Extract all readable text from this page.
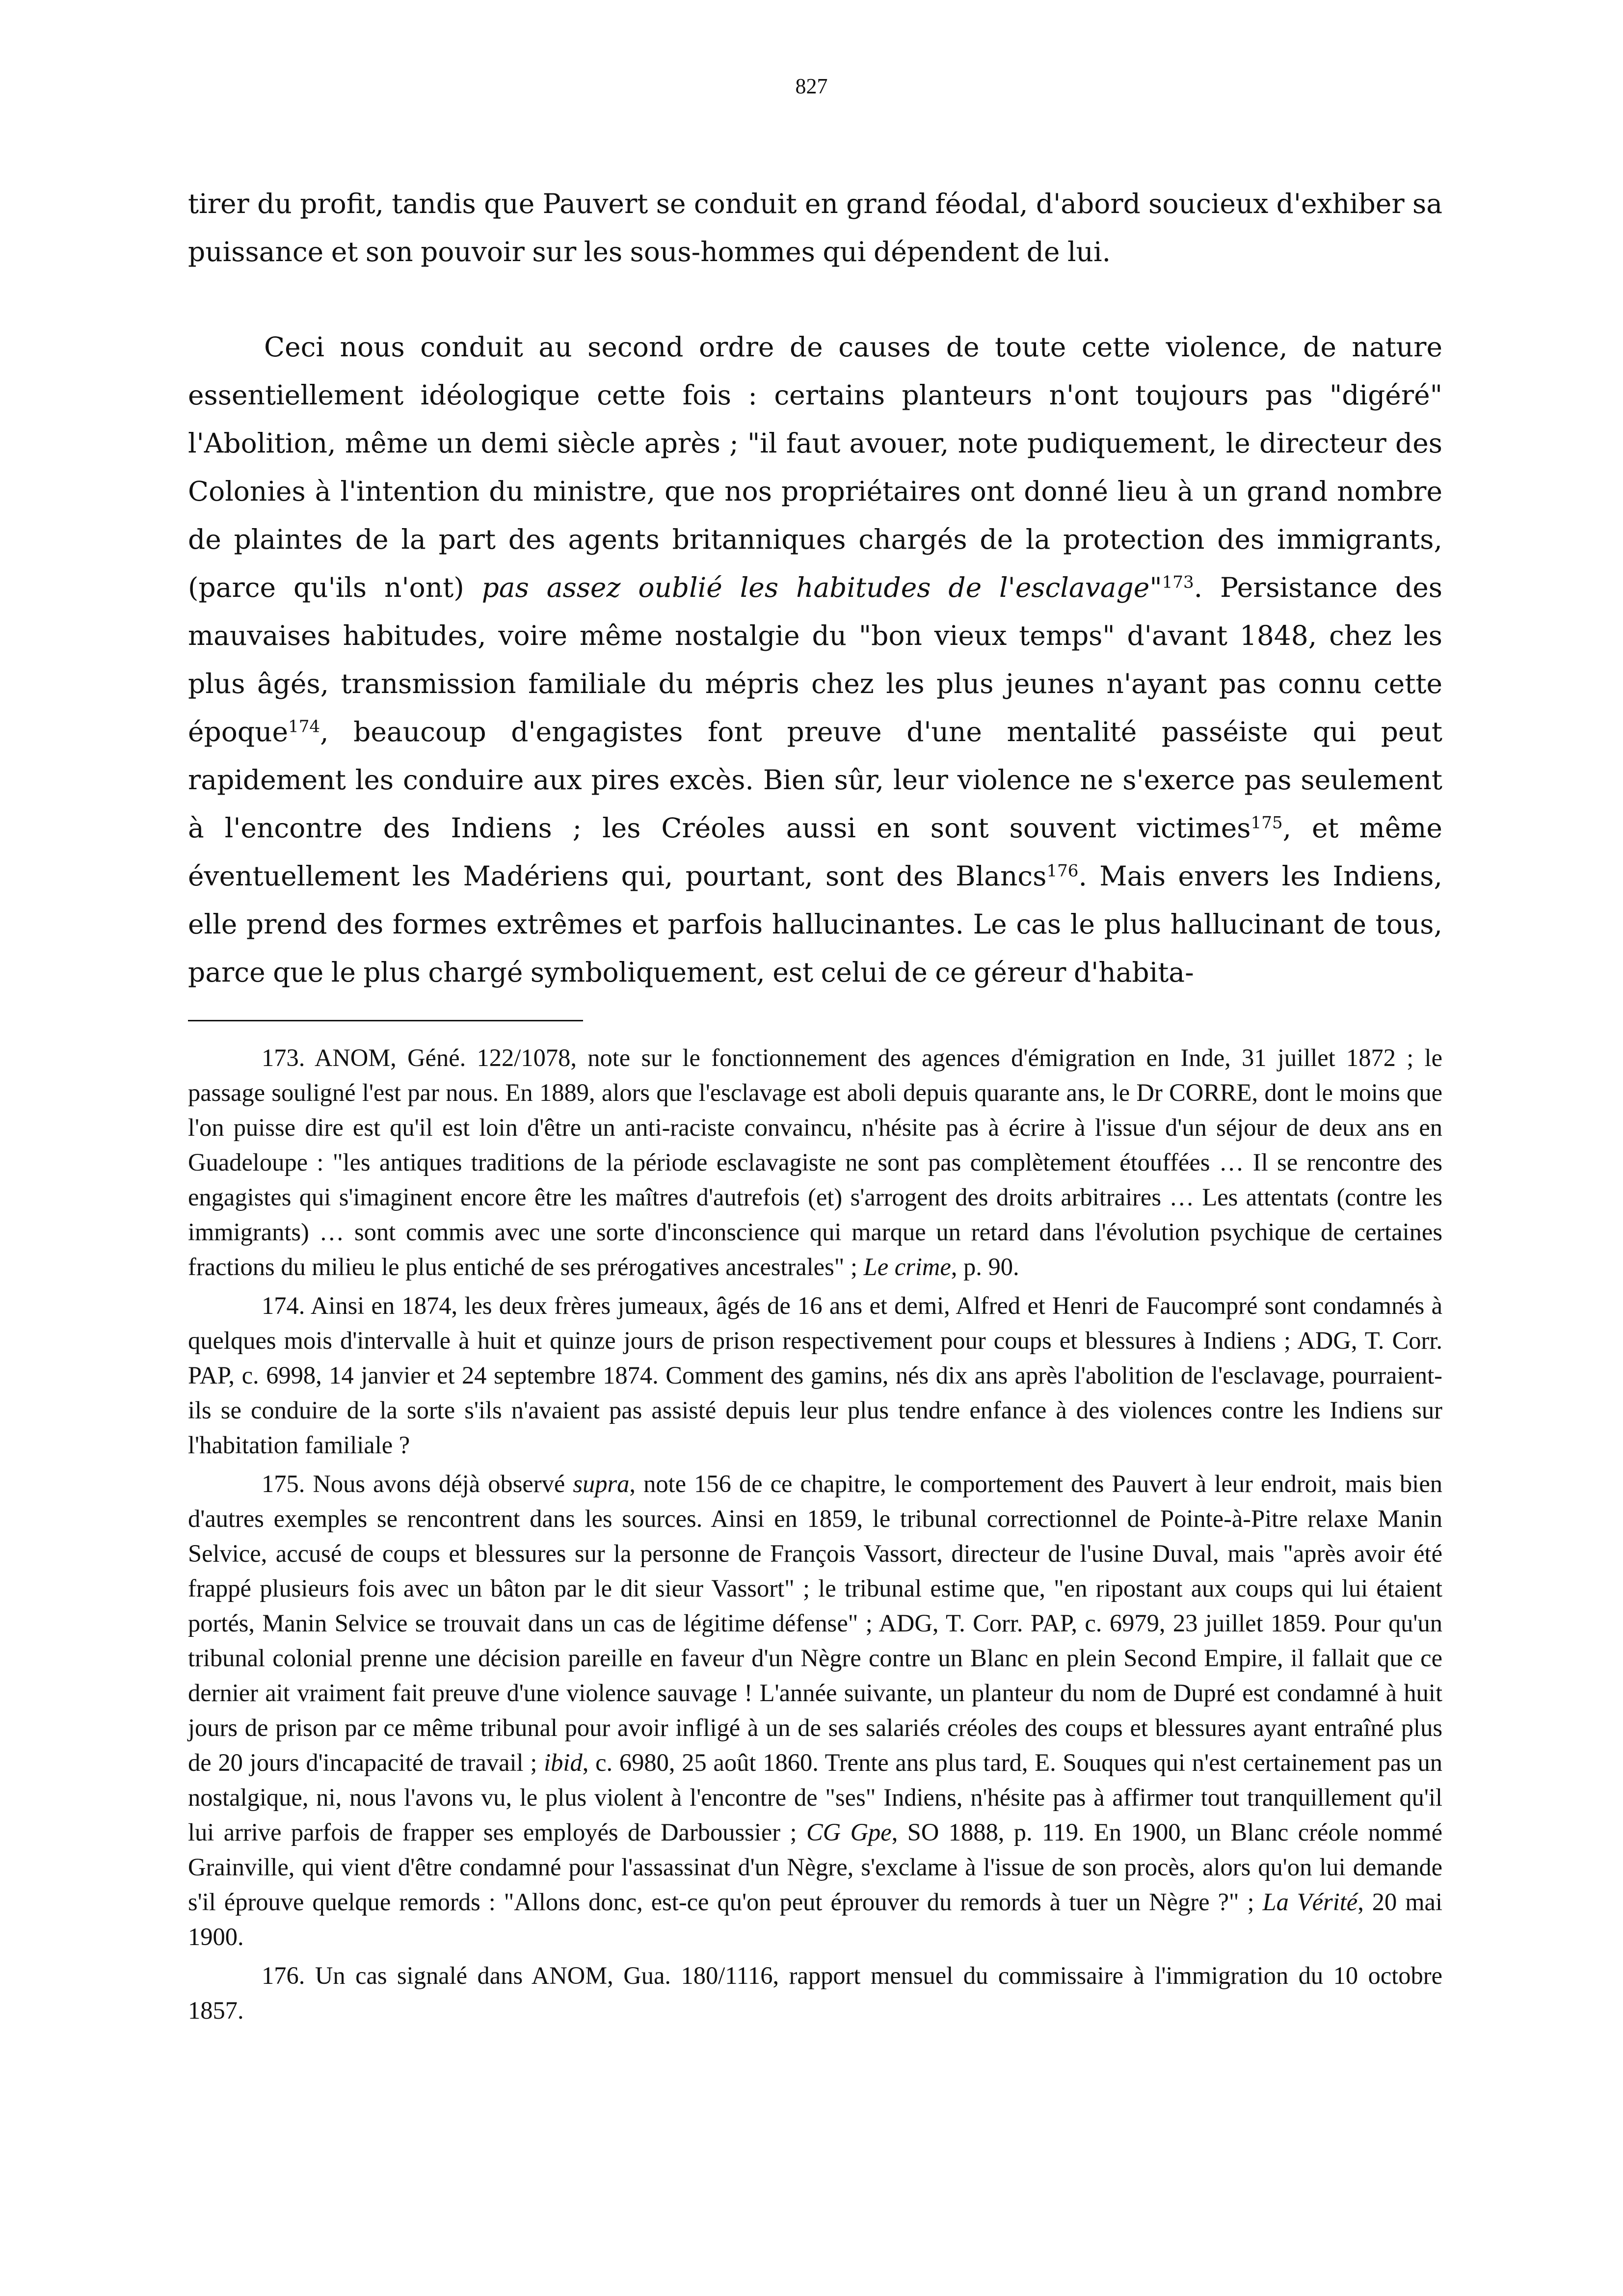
827

tirer du profit, tandis que Pauvert se conduit en grand féodal, d'abord soucieux d'exhiber sa puissance et son pouvoir sur les sous-hommes qui dépendent de lui.

Ceci nous conduit au second ordre de causes de toute cette violence, de nature essentiellement idéologique cette fois : certains planteurs n'ont toujours pas "digéré" l'Abolition, même un demi siècle après ; "il faut avouer, note pudiquement, le directeur des Colonies à l'intention du ministre, que nos propriétaires ont donné lieu à un grand nombre de plaintes de la part des agents britanniques chargés de la protection des immigrants, (parce qu'ils n'ont) pas assez oublié les habitudes de l'esclavage"$^{173}$. Persistance des mauvaises habitudes, voire même nostalgie du "bon vieux temps" d'avant 1848, chez les plus âgés, transmission familiale du mépris chez les plus jeunes n'ayant pas connu cette époque$^{174}$, beaucoup d'engagistes font preuve d'une mentalité passéiste qui peut rapidement les conduire aux pires excès. Bien sûr, leur violence ne s'exerce pas seulement à l'encontre des Indiens ; les Créoles aussi en sont souvent victimes$^{175}$, et même éventuellement les Madériens qui, pourtant, sont des Blancs$^{176}$. Mais envers les Indiens, elle prend des formes extrêmes et parfois hallucinantes. Le cas le plus hallucinant de tous, parce que le plus chargé symboliquement, est celui de ce géreur d'habita-

173. ANOM, Géné. 122/1078, note sur le fonctionnement des agences d'émigration en Inde, 31 juillet 1872 ; le passage souligné l'est par nous. En 1889, alors que l'esclavage est aboli depuis quarante ans, le Dr CORRE, dont le moins que l'on puisse dire est qu'il est loin d'être un anti-raciste convaincu, n'hésite pas à écrire à l'issue d'un séjour de deux ans en Guadeloupe : "les antiques traditions de la période esclavagiste ne sont pas complètement étouffées … Il se rencontre des engagistes qui s'imaginent encore être les maîtres d'autrefois (et) s'arrogent des droits arbitraires … Les attentats (contre les immigrants) … sont commis avec une sorte d'inconscience qui marque un retard dans l'évolution psychique de certaines fractions du milieu le plus entiché de ses prérogatives ancestrales" ; Le crime, p. 90.

174. Ainsi en 1874, les deux frères jumeaux, âgés de 16 ans et demi, Alfred et Henri de Faucompré sont condamnés à quelques mois d'intervalle à huit et quinze jours de prison respectivement pour coups et blessures à Indiens ; ADG, T. Corr. PAP, c. 6998, 14 janvier et 24 septembre 1874. Comment des gamins, nés dix ans après l'abolition de l'esclavage, pourraient-ils se conduire de la sorte s'ils n'avaient pas assisté depuis leur plus tendre enfance à des violences contre les Indiens sur l'habitation familiale ?

175. Nous avons déjà observé supra, note 156 de ce chapitre, le comportement des Pauvert à leur endroit, mais bien d'autres exemples se rencontrent dans les sources. Ainsi en 1859, le tribunal correctionnel de Pointe-à-Pitre relaxe Manin Selvice, accusé de coups et blessures sur la personne de François Vassort, directeur de l'usine Duval, mais "après avoir été frappé plusieurs fois avec un bâton par le dit sieur Vassort" ; le tribunal estime que, "en ripostant aux coups qui lui étaient portés, Manin Selvice se trouvait dans un cas de légitime défense" ; ADG, T. Corr. PAP, c. 6979, 23 juillet 1859. Pour qu'un tribunal colonial prenne une décision pareille en faveur d'un Nègre contre un Blanc en plein Second Empire, il fallait que ce dernier ait vraiment fait preuve d'une violence sauvage ! L'année suivante, un planteur du nom de Dupré est condamné à huit jours de prison par ce même tribunal pour avoir infligé à un de ses salariés créoles des coups et blessures ayant entraîné plus de 20 jours d'incapacité de travail ; ibid, c. 6980, 25 août 1860. Trente ans plus tard, E. Souques qui n'est certainement pas un nostalgique, ni, nous l'avons vu, le plus violent à l'encontre de "ses" Indiens, n'hésite pas à affirmer tout tranquillement qu'il lui arrive parfois de frapper ses employés de Darboussier ; CG Gpe, SO 1888, p. 119. En 1900, un Blanc créole nommé Grainville, qui vient d'être condamné pour l'assassinat d'un Nègre, s'exclame à l'issue de son procès, alors qu'on lui demande s'il éprouve quelque remords : "Allons donc, est-ce qu'on peut éprouver du remords à tuer un Nègre ?" ; La Vérité, 20 mai 1900.

176. Un cas signalé dans ANOM, Gua. 180/1116, rapport mensuel du commissaire à l'immigration du 10 octobre 1857.
